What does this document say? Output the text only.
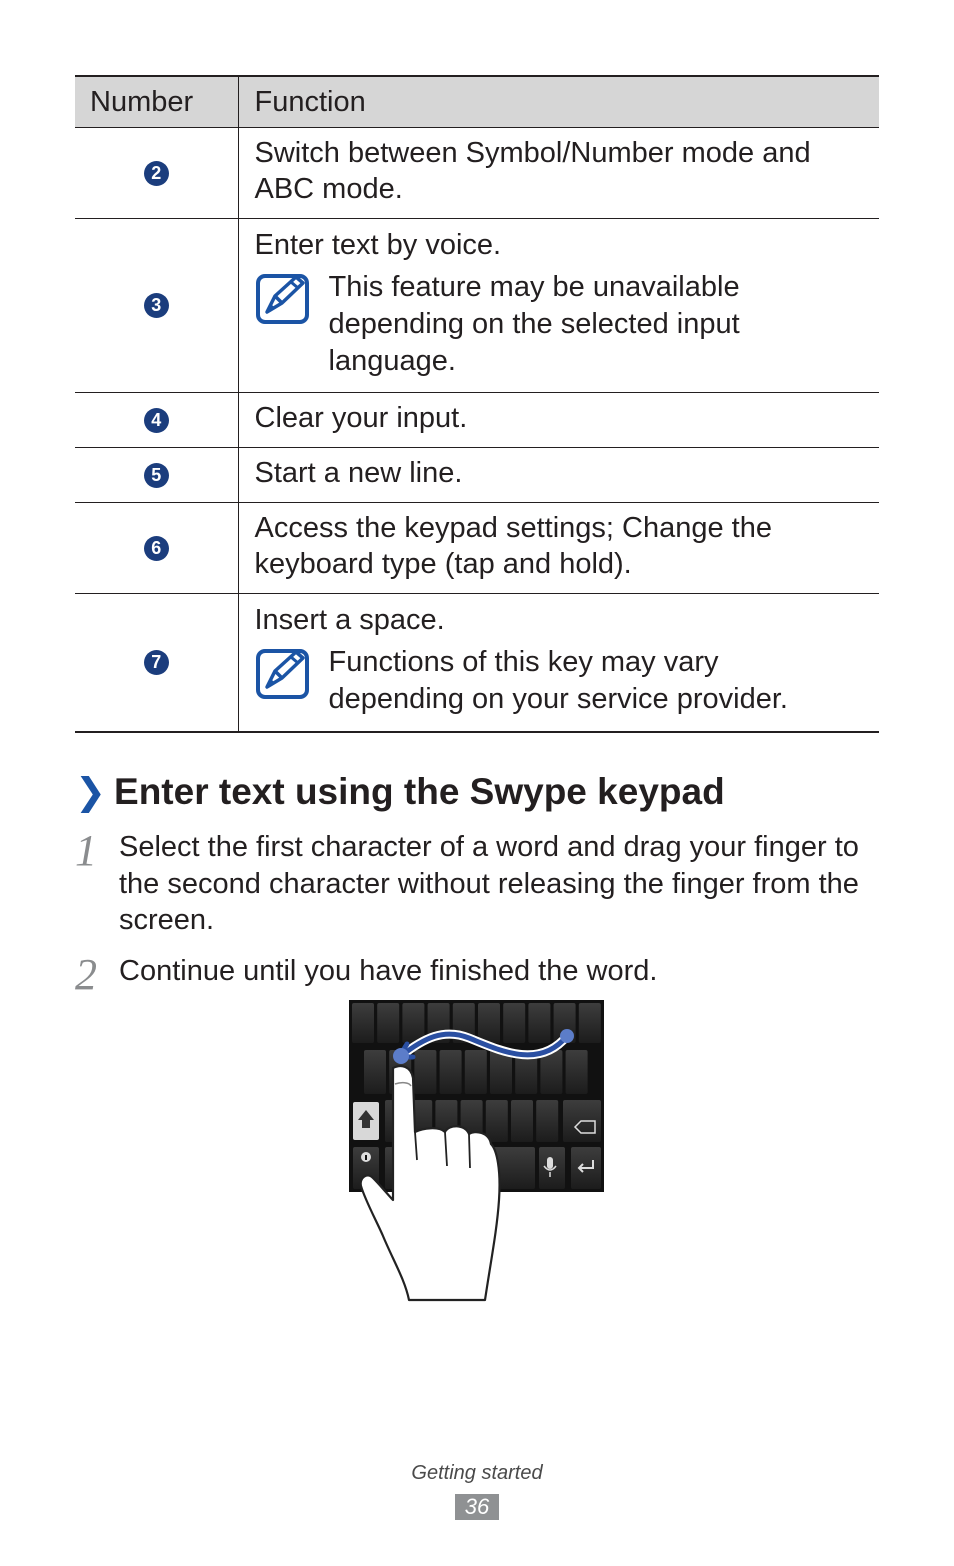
Number	Function
2	Switch between Symbol/Number mode and ABC mode.
3	Enter text by voice.
This feature may be unavailable depending on the selected input language.

4	Clear your input.
5	Start a new line.
6	Access the keypad settings; Change the keyboard type (tap and hold).
7	Insert a space.
Functions of this key may vary depending on your service provider.
❯ Enter text using the Swype keypad
1 Select the first character of a word and drag your finger to the second character without releasing the finger from the screen.
2 Continue until you have finished the word.
Getting started
36
